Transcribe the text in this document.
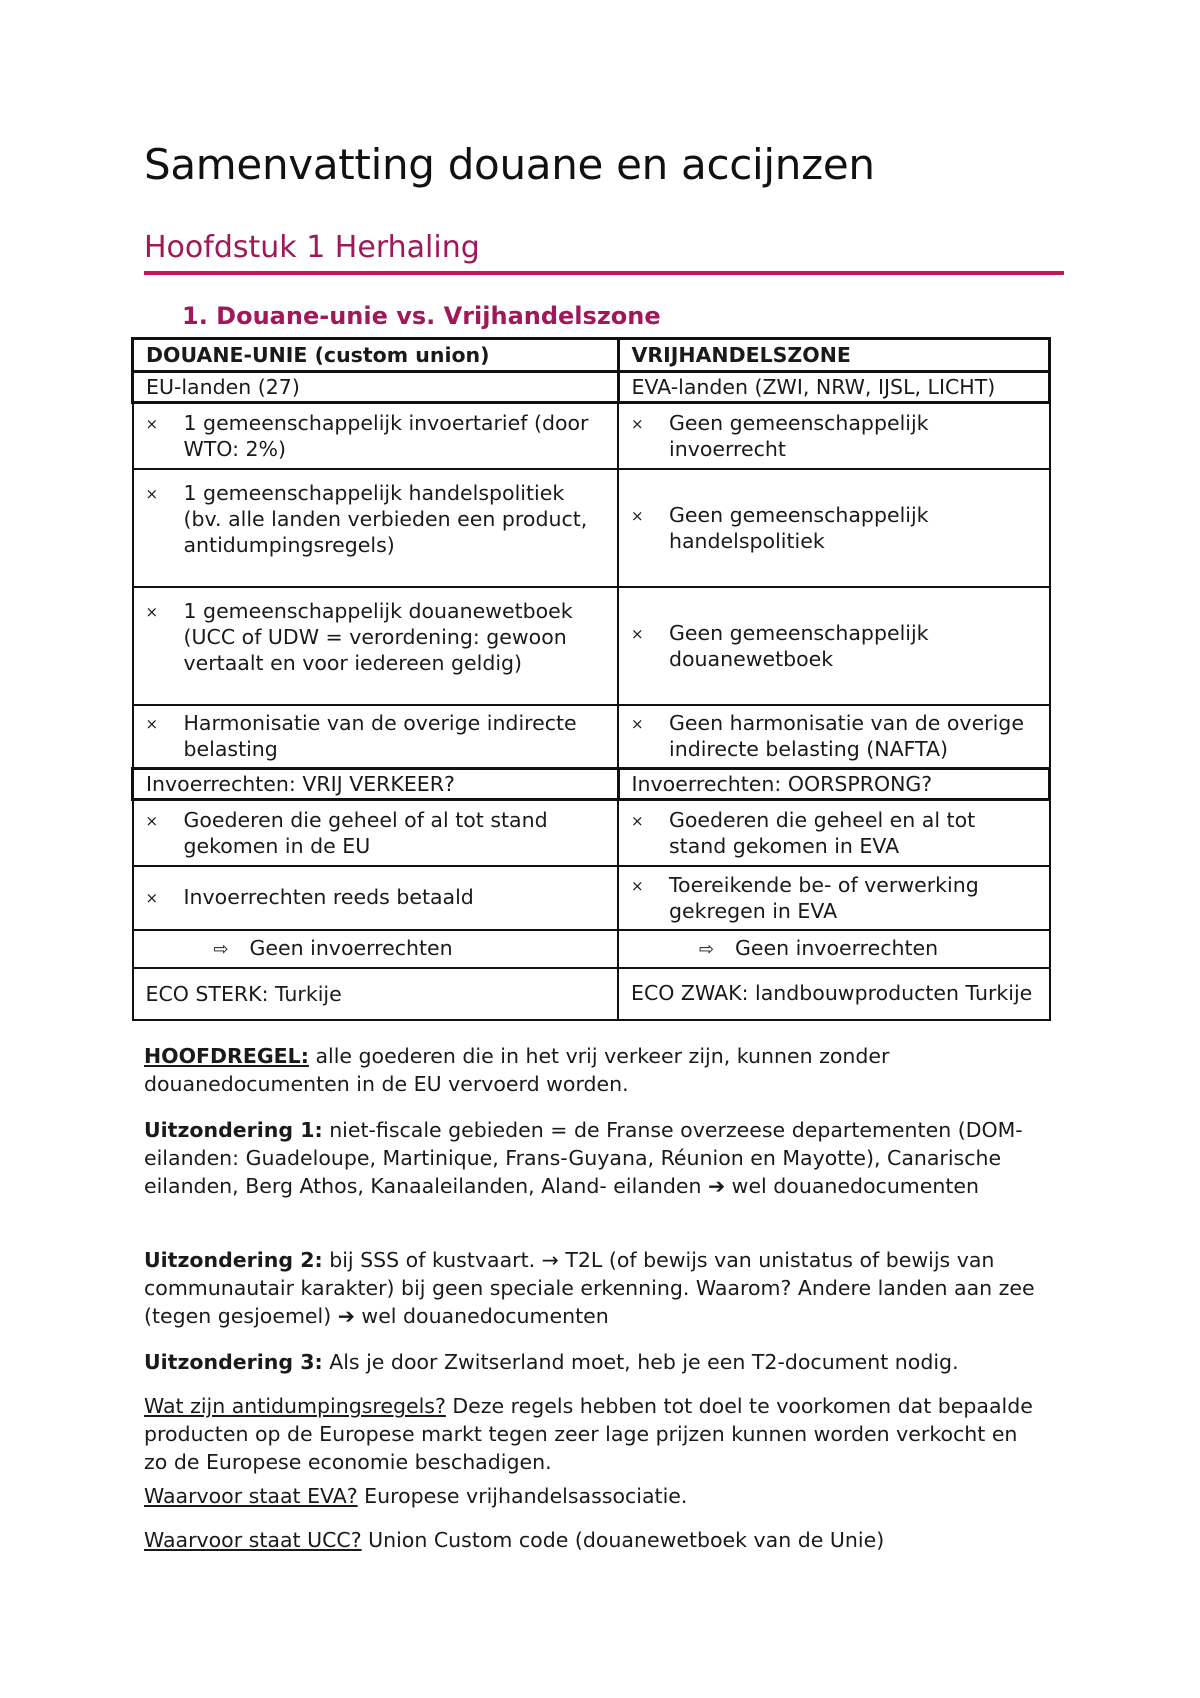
Samenvatting douane en accijnzen
Hoofdstuk 1 Herhaling
1. Douane-unie vs. Vrijhandelszone
DOUANE-UNIE (custom union)	VRIJHANDELSZONE
EU-landen (27)	EVA-landen (ZWI, NRW, IJSL, LICHT)

× 1 gemeenschappelijk invoertarief (door WTO: 2%)	× Geen gemeenschappelijk invoerrecht

× 1 gemeenschappelijk handelspolitiek (bv. alle landen verbieden een product, antidumpingsregels)	× Geen gemeenschappelijk handelspolitiek

× 1 gemeenschappelijk douanewetboek (UCC of UDW = verordening: gewoon vertaalt en voor iedereen geldig)	× Geen gemeenschappelijk douanewetboek

× Harmonisatie van de overige indirecte belasting	× Geen harmonisatie van de overige indirecte belasting (NAFTA)

Invoerrechten: VRIJ VERKEER?	Invoerrechten: OORSPRONG?

× Goederen die geheel of al tot stand gekomen in de EU	× Goederen die geheel en al tot stand gekomen in EVA

× Invoerrechten reeds betaald	× Toereikende be- of verwerking gekregen in EVA

⇨ Geen invoerrechten	⇨ Geen invoerrechten
ECO STERK: Turkije	ECO ZWAK: landbouwproducten Turkije

HOOFDREGEL: alle goederen die in het vrij verkeer zijn, kunnen zonder douanedocumenten in de EU vervoerd worden.

Uitzondering 1: niet-fiscale gebieden = de Franse overzeese departementen (DOM-eilanden: Guadeloupe, Martinique, Frans-Guyana, Réunion en Mayotte), Canarische eilanden, Berg Athos, Kanaaleilanden, Aland- eilanden ➔ wel douanedocumenten

Uitzondering 2: bij SSS of kustvaart. → T2L (of bewijs van unistatus of bewijs van communautair karakter) bij geen speciale erkenning. Waarom? Andere landen aan zee (tegen gesjoemel) ➔ wel douanedocumenten

Uitzondering 3: Als je door Zwitserland moet, heb je een T2-document nodig.

Wat zijn antidumpingsregels? Deze regels hebben tot doel te voorkomen dat bepaalde producten op de Europese markt tegen zeer lage prijzen kunnen worden verkocht en zo de Europese economie beschadigen.

Waarvoor staat EVA? Europese vrijhandelsassociatie.

Waarvoor staat UCC? Union Custom code (douanewetboek van de Unie)
